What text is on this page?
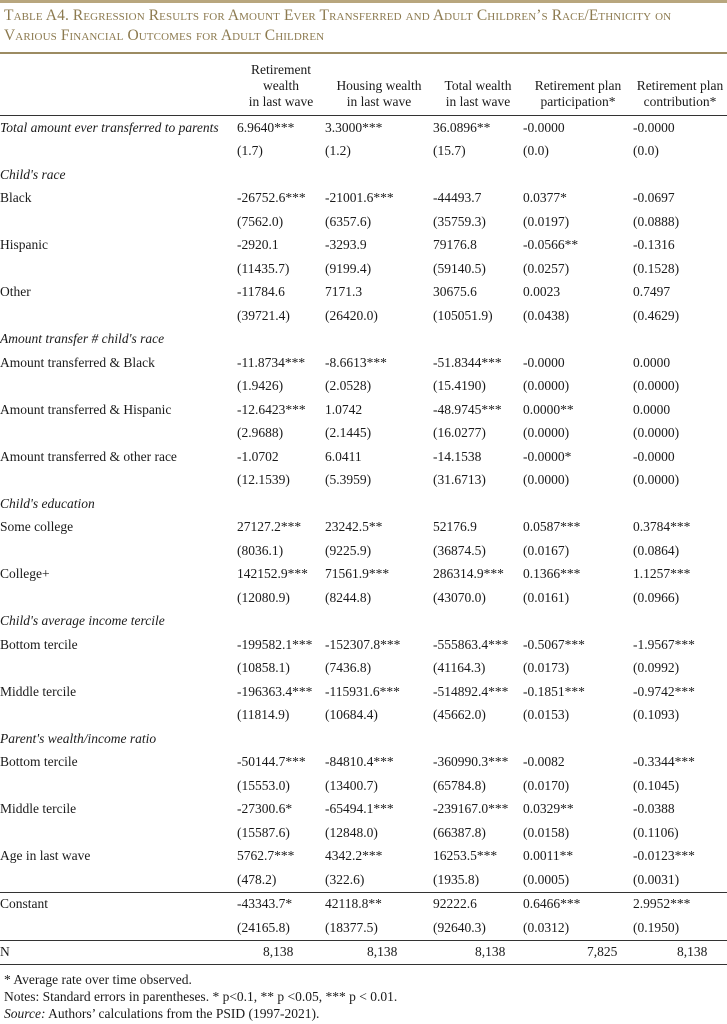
Table A4. Regression Results for Amount Ever Transferred and Adult Children’s Race/Ethnicity on
Various Financial Outcomes for Adult Children
	Retirement
wealth
in last wave	Housing wealth
in last wave	Total wealth
in last wave	Retirement plan
participation*	Retirement plan
contribution*
Total amount ever transferred to parents	6.9640***	3.3000***	36.0896**	-0.0000	-0.0000
	(1.7)	(1.2)	(15.7)	(0.0)	(0.0)
Child's race					
Black	-26752.6***	-21001.6***	-44493.7	0.0377*	-0.0697
	(7562.0)	(6357.6)	(35759.3)	(0.0197)	(0.0888)
Hispanic	-2920.1	-3293.9	79176.8	-0.0566**	-0.1316
	(11435.7)	(9199.4)	(59140.5)	(0.0257)	(0.1528)
Other	-11784.6	7171.3	30675.6	0.0023	0.7497
	(39721.4)	(26420.0)	(105051.9)	(0.0438)	(0.4629)
Amount transfer # child's race					
Amount transferred & Black	-11.8734***	-8.6613***	-51.8344***	-0.0000	0.0000
	(1.9426)	(2.0528)	(15.4190)	(0.0000)	(0.0000)
Amount transferred & Hispanic	-12.6423***	1.0742	-48.9745***	0.0000**	0.0000
	(2.9688)	(2.1445)	(16.0277)	(0.0000)	(0.0000)
Amount transferred & other race	-1.0702	6.0411	-14.1538	-0.0000*	-0.0000
	(12.1539)	(5.3959)	(31.6713)	(0.0000)	(0.0000)
Child's education					
Some college	27127.2***	23242.5**	52176.9	0.0587***	0.3784***
	(8036.1)	(9225.9)	(36874.5)	(0.0167)	(0.0864)
College+	142152.9***	71561.9***	286314.9***	0.1366***	1.1257***
	(12080.9)	(8244.8)	(43070.0)	(0.0161)	(0.0966)
Child's average income tercile					
Bottom tercile	-199582.1***	-152307.8***	-555863.4***	-0.5067***	-1.9567***
	(10858.1)	(7436.8)	(41164.3)	(0.0173)	(0.0992)
Middle tercile	-196363.4***	-115931.6***	-514892.4***	-0.1851***	-0.9742***
	(11814.9)	(10684.4)	(45662.0)	(0.0153)	(0.1093)
Parent's wealth/income ratio					
Bottom tercile	-50144.7***	-84810.4***	-360990.3***	-0.0082	-0.3344***
	(15553.0)	(13400.7)	(65784.8)	(0.0170)	(0.1045)
Middle tercile	-27300.6*	-65494.1***	-239167.0***	0.0329**	-0.0388
	(15587.6)	(12848.0)	(66387.8)	(0.0158)	(0.1106)
Age in last wave	5762.7***	4342.2***	16253.5***	0.0011**	-0.0123***
	(478.2)	(322.6)	(1935.8)	(0.0005)	(0.0031)
Constant	-43343.7*	42118.8**	92222.6	0.6466***	2.9952***
	(24165.8)	(18377.5)	(92640.3)	(0.0312)	(0.1950)
N	8,138	8,138	8,138	7,825	8,138
* Average rate over time observed.
Notes: Standard errors in parentheses. * p<0.1, ** p <0.05, *** p < 0.01.
Source: Authors’ calculations from the PSID (1997-2021).
